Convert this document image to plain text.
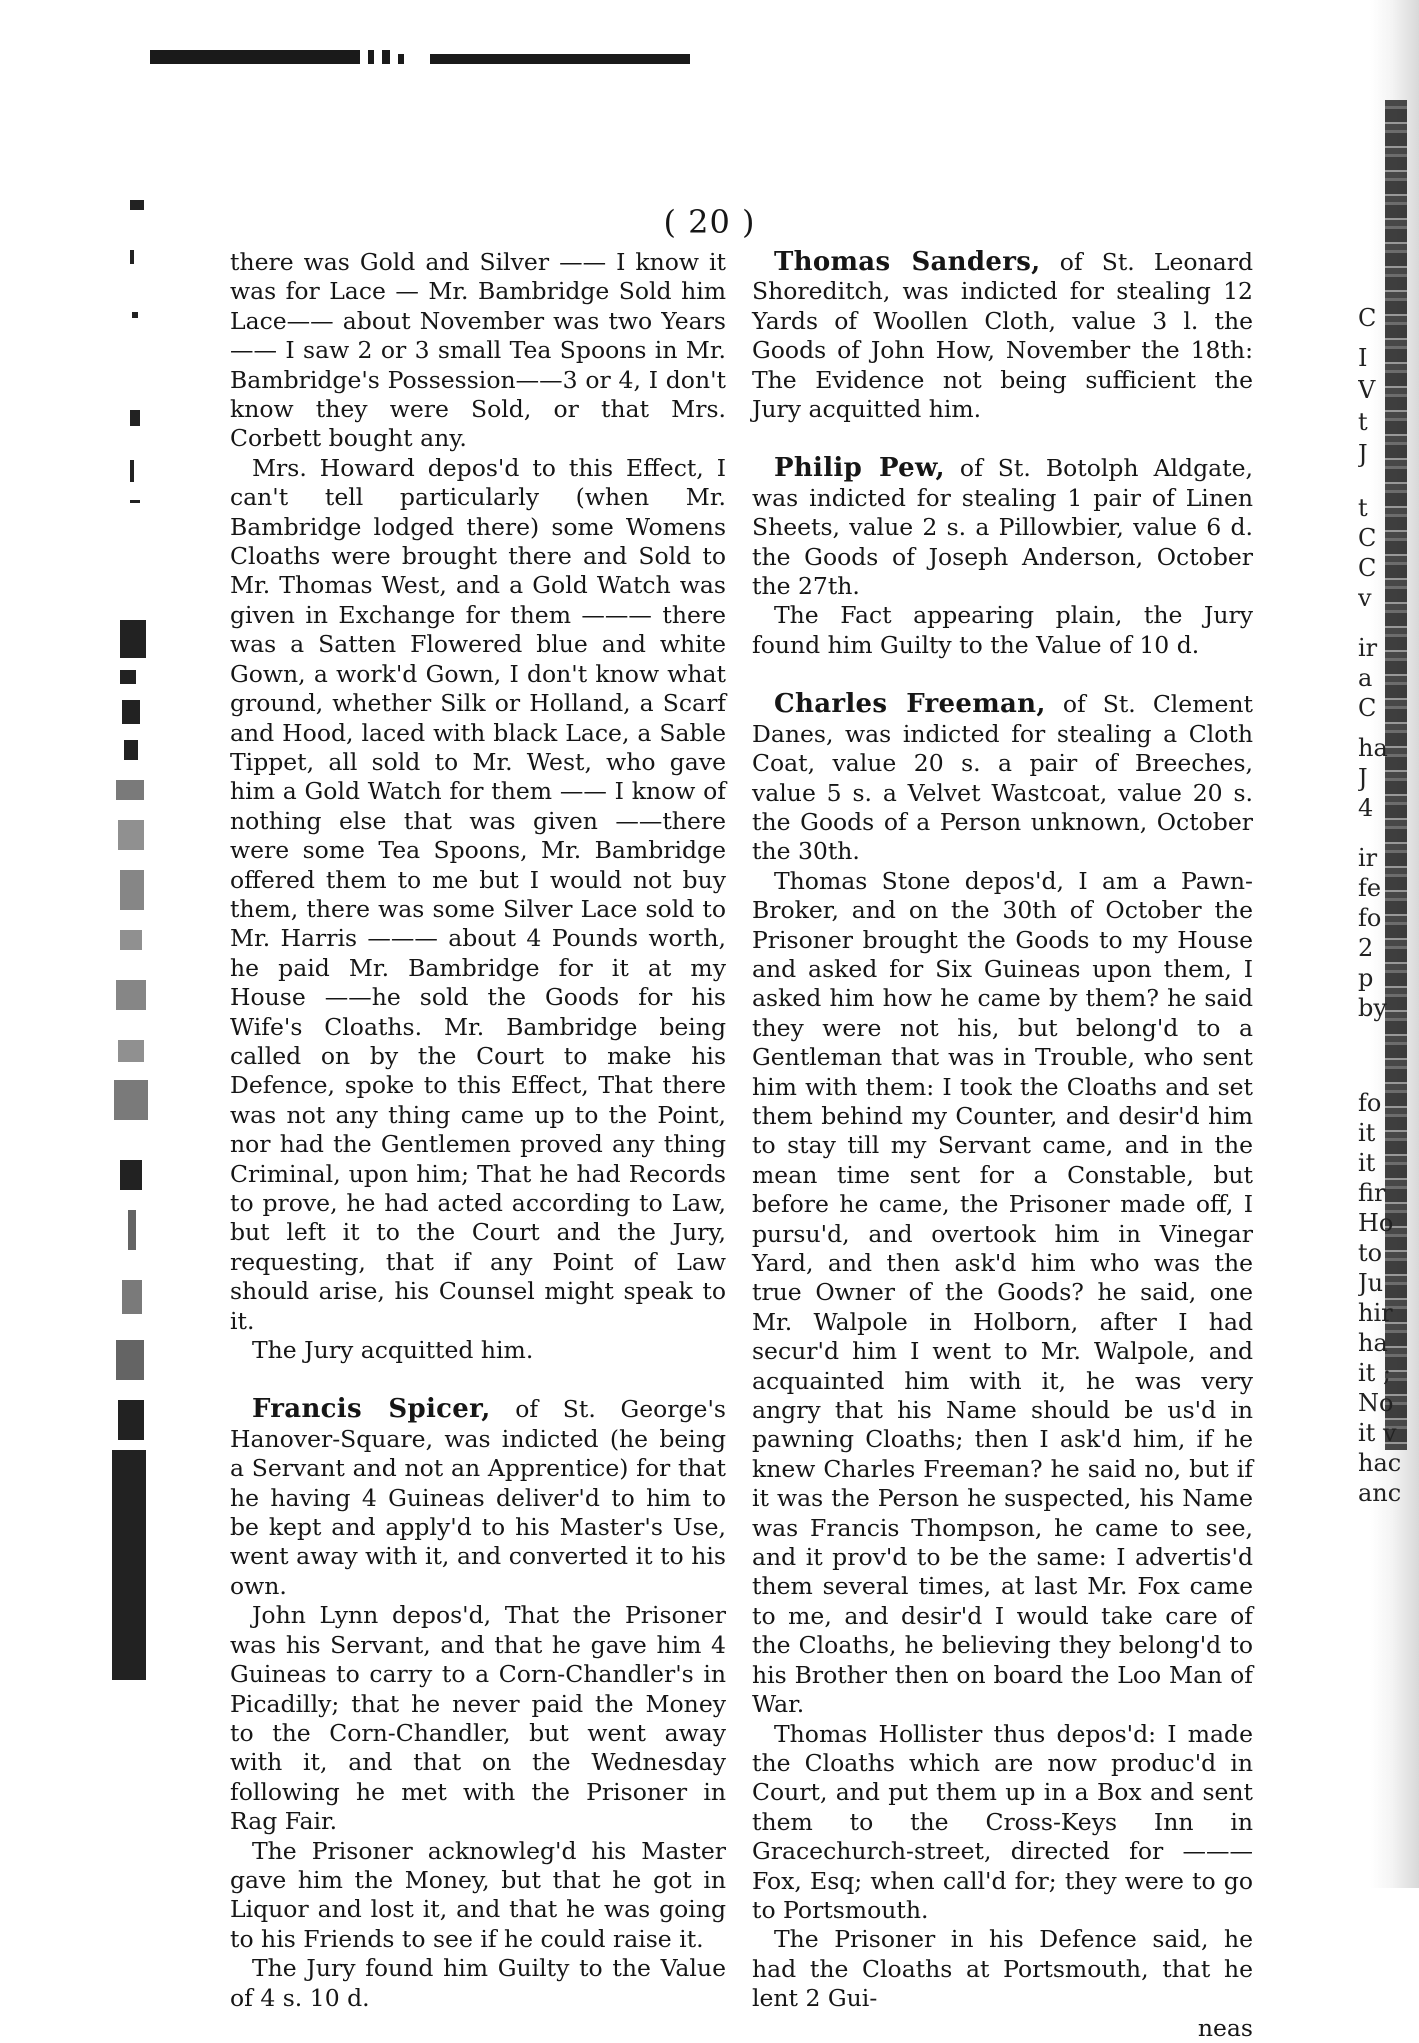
C
I
V
t
J
t
C
C
v
ir
a
C
ha
J
4
ir
fe
fo
2
p
by
fo
it
it
fir
Ho
to
Ju
hir
ha
it ;
No
it v
hac
anc
( 20 )

there was Gold and Silver —— I know it was for Lace — Mr. Bambridge Sold him Lace—— about November was two Years —— I saw 2 or 3 small Tea Spoons in Mr. Bambridge's Possession——3 or 4, I don't know they were Sold, or that Mrs. Corbett bought any.

Mrs. Howard depos'd to this Effect, I can't tell particularly (when Mr. Bambridge lodged there) some Womens Cloaths were brought there and Sold to Mr. Thomas West, and a Gold Watch was given in Exchange for them ——— there was a Satten Flowered blue and white Gown, a work'd Gown, I don't know what ground, whether Silk or Holland, a Scarf and Hood, laced with black Lace, a Sable Tippet, all sold to Mr. West, who gave him a Gold Watch for them —— I know of nothing else that was given ——there were some Tea Spoons, Mr. Bambridge offered them to me but I would not buy them, there was some Silver Lace sold to Mr. Harris ——— about 4 Pounds worth, he paid Mr. Bambridge for it at my House ——he sold the Goods for his Wife's Cloaths. Mr. Bambridge being called on by the Court to make his Defence, spoke to this Effect, That there was not any thing came up to the Point, nor had the Gentlemen proved any thing Criminal, upon him; That he had Records to prove, he had acted according to Law, but left it to the Court and the Jury, requesting, that if any Point of Law should arise, his Counsel might speak to it.

The Jury acquitted him.

Francis Spicer, of St. George's Hanover-Square, was indicted (he being a Servant and not an Apprentice) for that he having 4 Guineas deliver'd to him to be kept and apply'd to his Master's Use, went away with it, and converted it to his own.

John Lynn depos'd, That the Prisoner was his Servant, and that he gave him 4 Guineas to carry to a Corn-Chandler's in Picadilly; that he never paid the Money to the Corn-Chandler, but went away with it, and that on the Wednesday following he met with the Prisoner in Rag Fair.

The Prisoner acknowleg'd his Master gave him the Money, but that he got in Liquor and lost it, and that he was going to his Friends to see if he could raise it.

The Jury found him Guilty to the Value of 4 s. 10 d.

Thomas Sanders, of St. Leonard Shoreditch, was indicted for stealing 12 Yards of Woollen Cloth, value 3 l. the Goods of John How, November the 18th: The Evidence not being sufficient the Jury acquitted him.

Philip Pew, of St. Botolph Aldgate, was indicted for stealing 1 pair of Linen Sheets, value 2 s. a Pillowbier, value 6 d. the Goods of Joseph Anderson, October the 27th.

The Fact appearing plain, the Jury found him Guilty to the Value of 10 d.

Charles Freeman, of St. Clement Danes, was indicted for stealing a Cloth Coat, value 20 s. a pair of Breeches, value 5 s. a Velvet Wastcoat, value 20 s. the Goods of a Person unknown, October the 30th.

Thomas Stone depos'd, I am a Pawn-Broker, and on the 30th of October the Prisoner brought the Goods to my House and asked for Six Guineas upon them, I asked him how he came by them? he said they were not his, but belong'd to a Gentleman that was in Trouble, who sent him with them: I took the Cloaths and set them behind my Counter, and desir'd him to stay till my Servant came, and in the mean time sent for a Constable, but before he came, the Prisoner made off, I pursu'd, and overtook him in Vinegar Yard, and then ask'd him who was the true Owner of the Goods? he said, one Mr. Walpole in Holborn, after I had secur'd him I went to Mr. Walpole, and acquainted him with it, he was very angry that his Name should be us'd in pawning Cloaths; then I ask'd him, if he knew Charles Freeman? he said no, but if it was the Person he suspected, his Name was Francis Thompson, he came to see, and it prov'd to be the same: I advertis'd them several times, at last Mr. Fox came to me, and desir'd I would take care of the Cloaths, he believing they belong'd to his Brother then on board the Loo Man of War.

Thomas Hollister thus depos'd: I made the Cloaths which are now produc'd in Court, and put them up in a Box and sent them to the Cross-Keys Inn in Gracechurch-street, directed for ——— Fox, Esq; when call'd for; they were to go to Portsmouth.

The Prisoner in his Defence said, he had the Cloaths at Portsmouth, that he lent 2 Gui-

neas
